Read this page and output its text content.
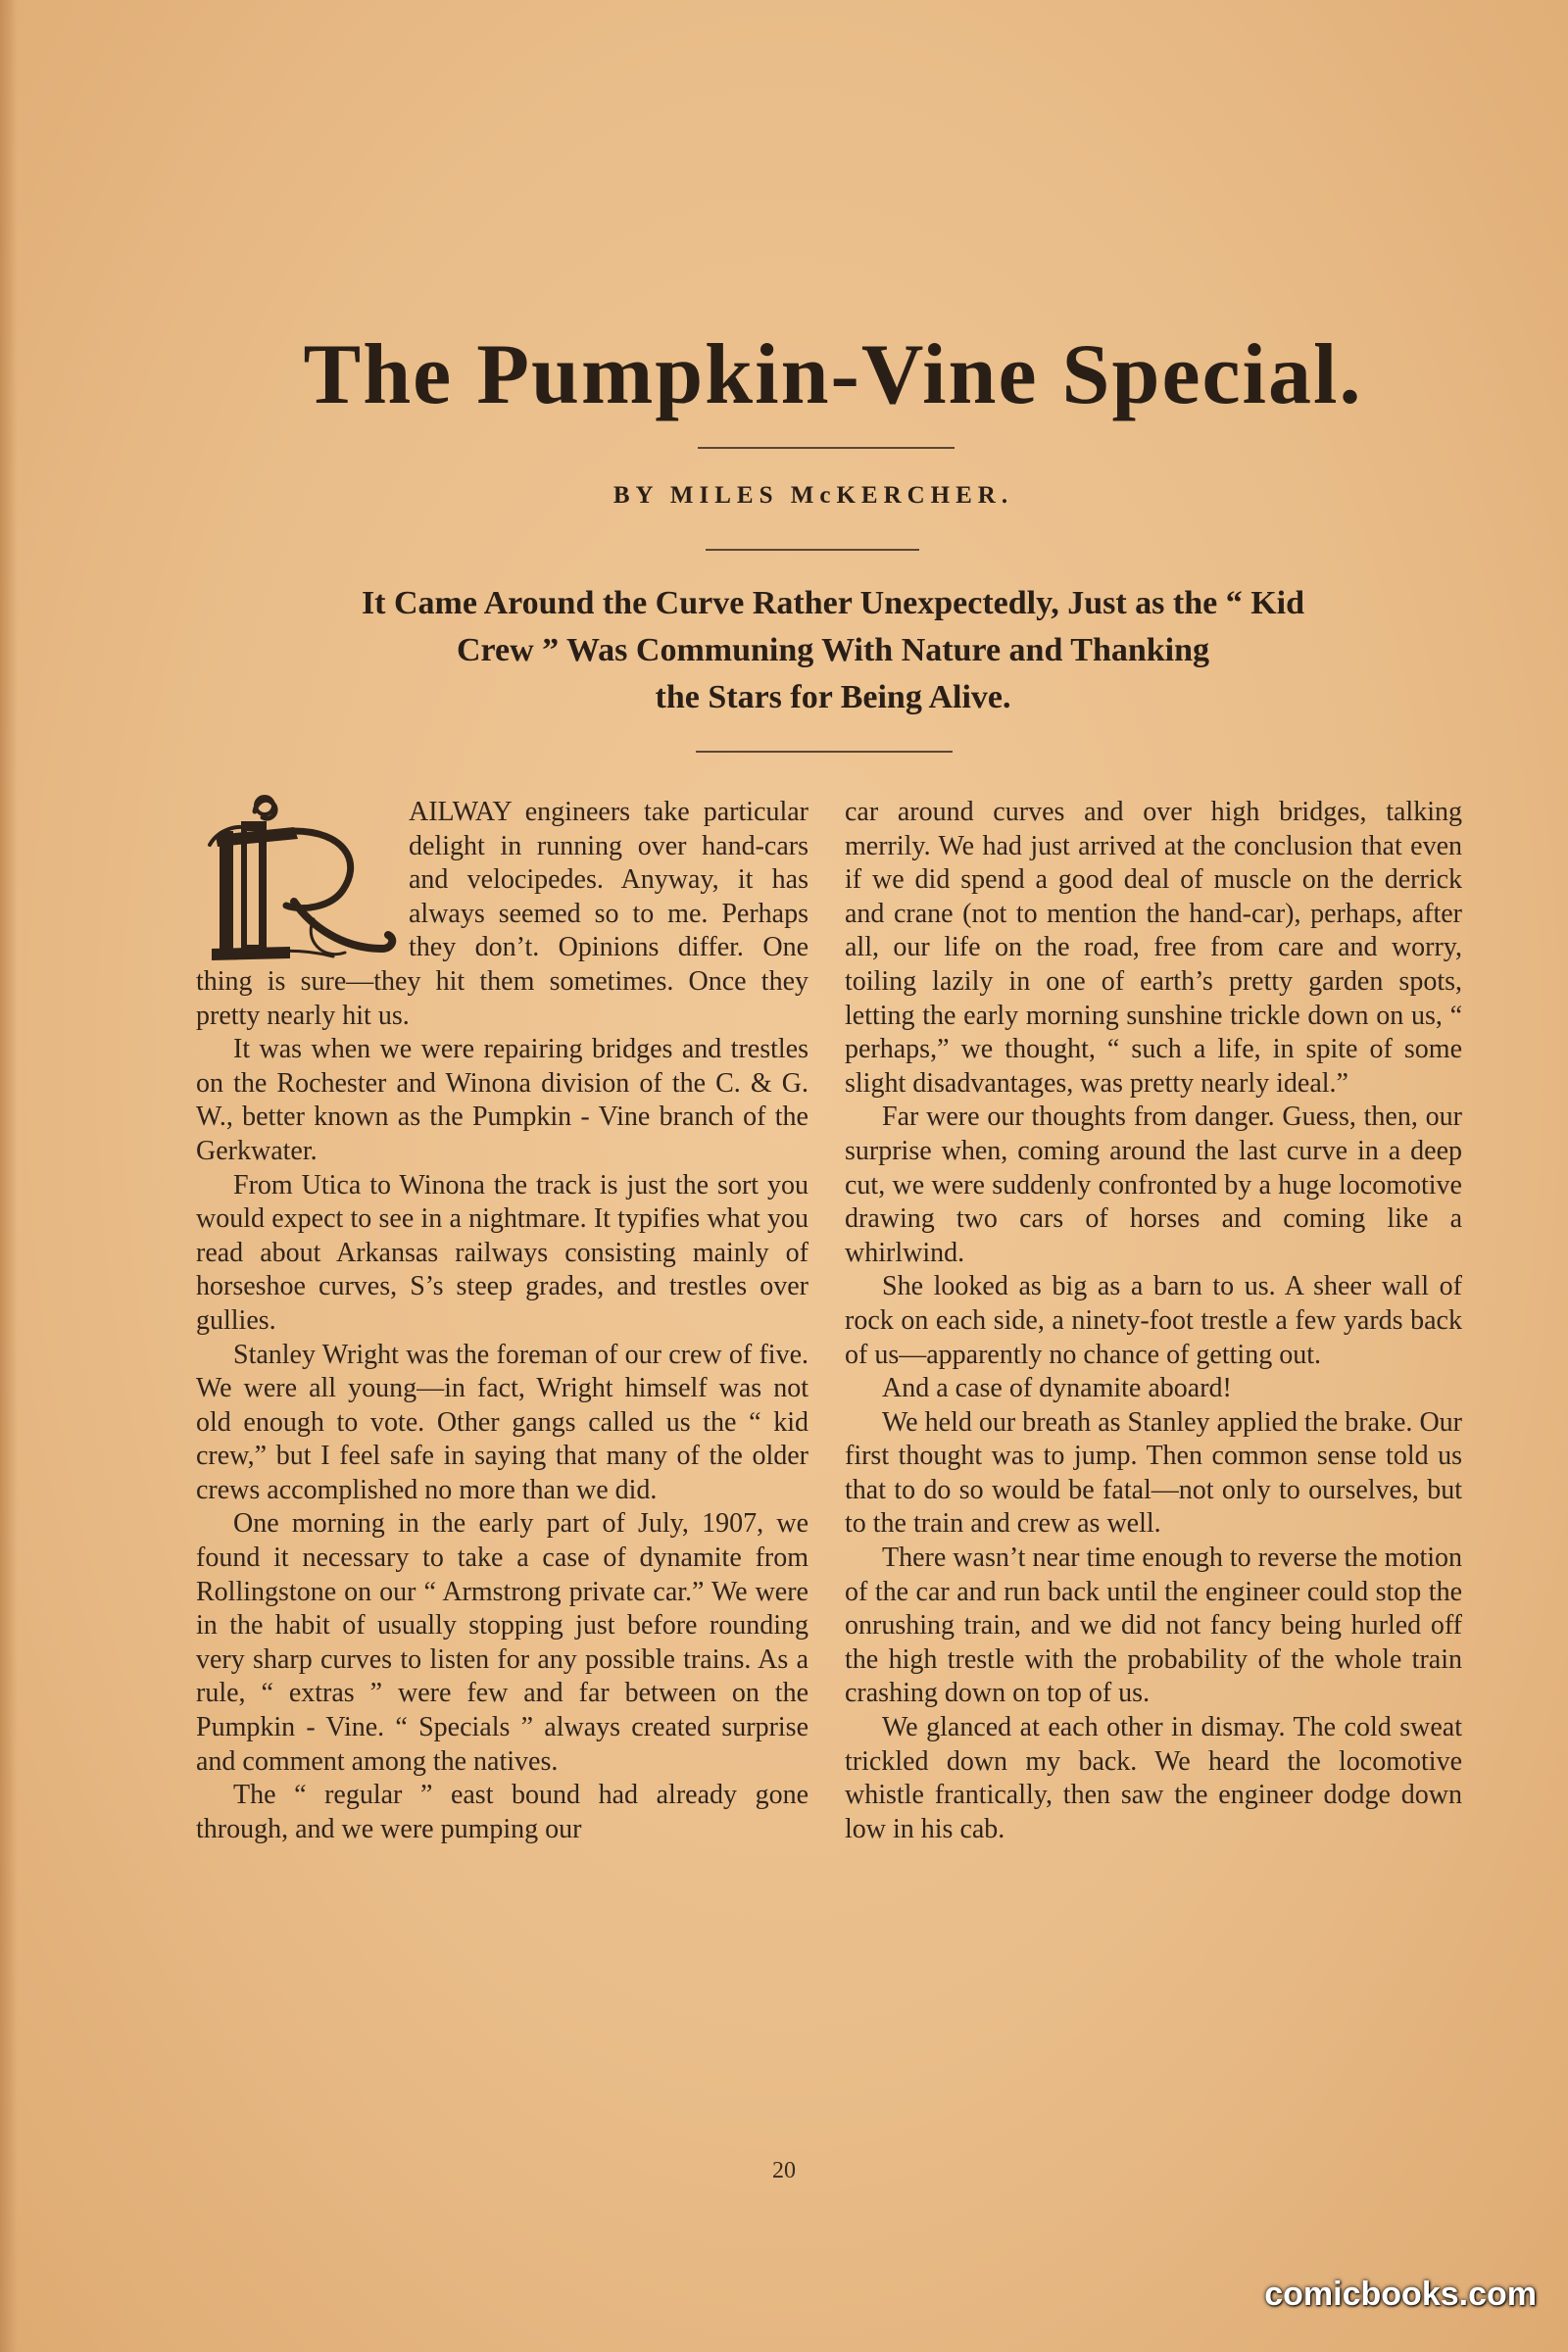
The Pumpkin-Vine Special.
BY MILES McKERCHER.
It Came Around the Curve Rather Unexpectedly, Just as the “ Kid
Crew ” Was Communing With Nature and Thanking
the Stars for Being Alive.

AILWAY engineers take particular delight in running over hand-cars and velocipedes. Anyway, it has always seemed so to me. Perhaps they don’t. Opinions differ. One thing is sure—they hit them sometimes. Once they pretty nearly hit us.

It was when we were repairing bridges and trestles on the Rochester and Winona division of the C. & G. W., better known as the Pumpkin - Vine branch of the Gerkwater.

From Utica to Winona the track is just the sort you would expect to see in a nightmare. It typifies what you read about Arkansas railways consisting mainly of horseshoe curves, S’s steep grades, and trestles over gullies.

Stanley Wright was the foreman of our crew of five. We were all young—in fact, Wright himself was not old enough to vote. Other gangs called us the “ kid crew,” but I feel safe in saying that many of the older crews accomplished no more than we did.

One morning in the early part of July, 1907, we found it necessary to take a case of dynamite from Rollingstone on our “ Armstrong private car.” We were in the habit of usually stopping just before rounding very sharp curves to listen for any possible trains. As a rule, “ extras ” were few and far between on the Pumpkin - Vine. “ Specials ” always created surprise and comment among the natives.

The “ regular ” east bound had already gone through, and we were pumping our

car around curves and over high bridges, talking merrily. We had just arrived at the conclusion that even if we did spend a good deal of muscle on the derrick and crane (not to mention the hand-car), perhaps, after all, our life on the road, free from care and worry, toiling lazily in one of earth’s pretty garden spots, letting the early morning sunshine trickle down on us, “ perhaps,” we thought, “ such a life, in spite of some slight disadvantages, was pretty nearly ideal.”

Far were our thoughts from danger. Guess, then, our surprise when, coming around the last curve in a deep cut, we were suddenly confronted by a huge locomotive drawing two cars of horses and coming like a whirlwind.

She looked as big as a barn to us. A sheer wall of rock on each side, a ninety-foot trestle a few yards back of us—apparently no chance of getting out.

And a case of dynamite aboard!

We held our breath as Stanley applied the brake. Our first thought was to jump. Then common sense told us that to do so would be fatal—not only to ourselves, but to the train and crew as well.

There wasn’t near time enough to reverse the motion of the car and run back until the engineer could stop the onrushing train, and we did not fancy being hurled off the high trestle with the probability of the whole train crashing down on top of us.

We glanced at each other in dismay. The cold sweat trickled down my back. We heard the locomotive whistle frantically, then saw the engineer dodge down low in his cab.

20
comicbooks.com
